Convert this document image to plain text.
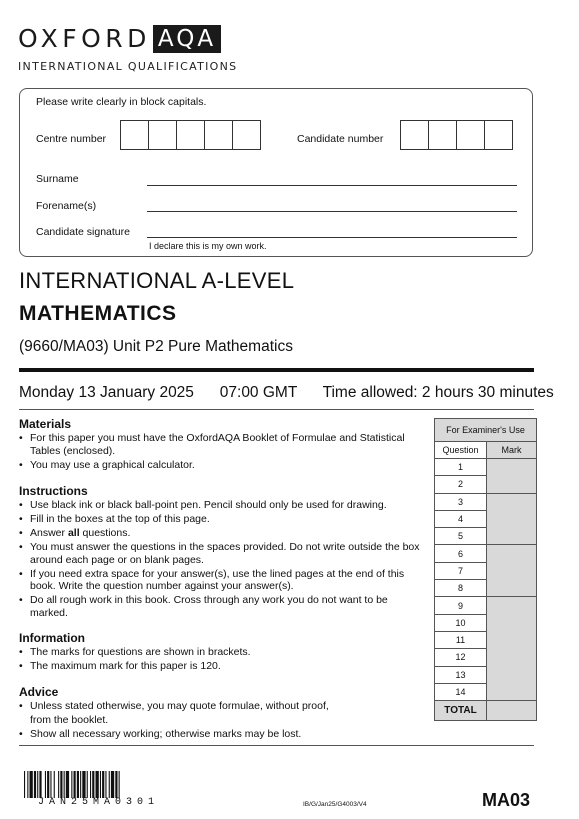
OXFORD AQA
INTERNATIONAL QUALIFICATIONS
Please write clearly in block capitals.
Centre number	Candidate number
Surname
Forename(s)
Candidate signature
I declare this is my own work.
INTERNATIONAL A-LEVEL
MATHEMATICS
(9660/MA03) Unit P2 Pure Mathematics
Monday 13 January 2025      07:00 GMT      Time allowed: 2 hours 30 minutes
Materials
• For this paper you must have the OxfordAQA Booklet of Formulae and Statistical Tables (enclosed).
• You may use a graphical calculator.
Instructions
• Use black ink or black ball-point pen. Pencil should only be used for drawing.
• Fill in the boxes at the top of this page.
• Answer all questions.
• You must answer the questions in the spaces provided. Do not write outside the box around each page or on blank pages.
• If you need extra space for your answer(s), use the lined pages at the end of this book. Write the question number against your answer(s).
• Do all rough work in this book. Cross through any work you do not want to be marked.
Information
• The marks for questions are shown in brackets.
• The maximum mark for this paper is 120.
Advice
• Unless stated otherwise, you may quote formulae, without proof,
from the booklet.
• Show all necessary working; otherwise marks may be lost.
For Examiner's Use	
Question	Mark
1	
2	
3	
4	
5	
6	
7	
8	
9	
10	
11	
12	
13	
14	
TOTAL	
JAN25MA0301	IB/G/Jan25/G4003/V4	MA03
